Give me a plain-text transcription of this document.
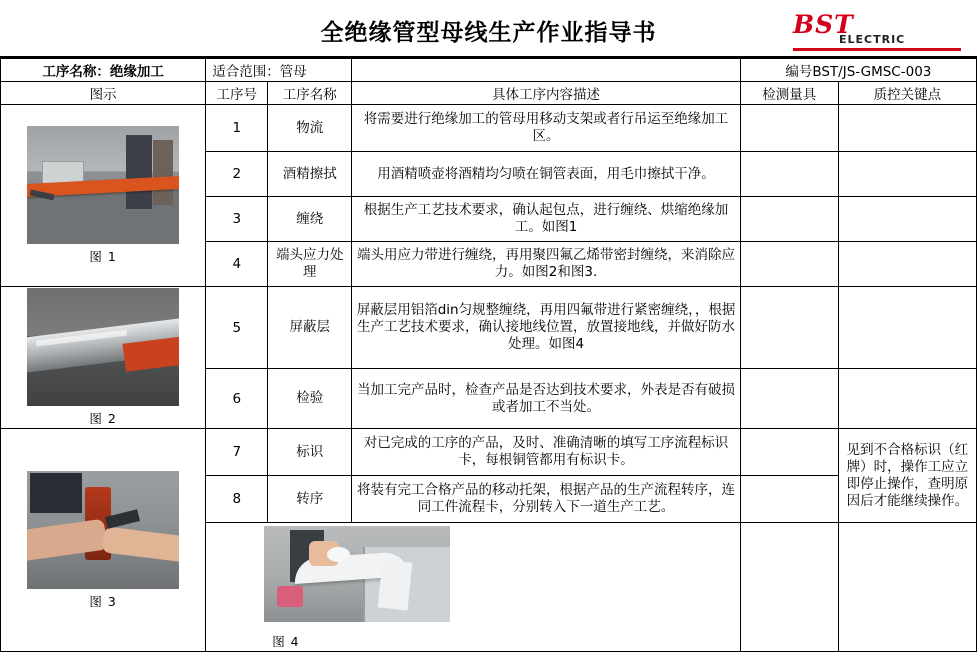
全绝缘管型母线生产作业指导书	BST
ELECTRIC
工序名称：绝缘加工	适合范围：管母			编号BST/JS-GMSC-003	
图示	工序号	工序名称	具体工序内容描述	检测量具	质控关键点

图 1	1	物流	将需要进行绝缘加工的管母用移动支架或者行吊运至绝缘加工区。		
	2	酒精擦拭	用酒精喷壶将酒精均匀喷在铜管表面，用毛巾擦拭干净。		
	3	缠绕	根据生产工艺技术要求，确认起包点，进行缠绕、烘缩绝缘加工。如图1		
	4	端头应力处理	端头用应力带进行缠绕，再用聚四氟乙烯带密封缠绕，来消除应力。如图2和图3.		

图 2	5	屏蔽层	屏蔽层用铝箔din匀规整缠绕，再用四氟带进行紧密缠绕，，根据生产工艺技术要求，确认接地线位置，放置接地线，并做好防水处理。如图4		
	6	检验	当加工完产品时，检查产品是否达到技术要求，外表是否有破损或者加工不当处。		

图 3	7	标识	对已完成的工序的产品，及时、准确清晰的填写工序流程标识卡，每根铜管都用有标识卡。		见到不合格标识（红牌）时，操作工应立即停止操作，查明原因后才能继续操作。
	8	转序	将装有完工合格产品的移动托架，根据产品的生产流程转序，连同工件流程卡，分别转入下一道生产工艺。		

	图 4				
